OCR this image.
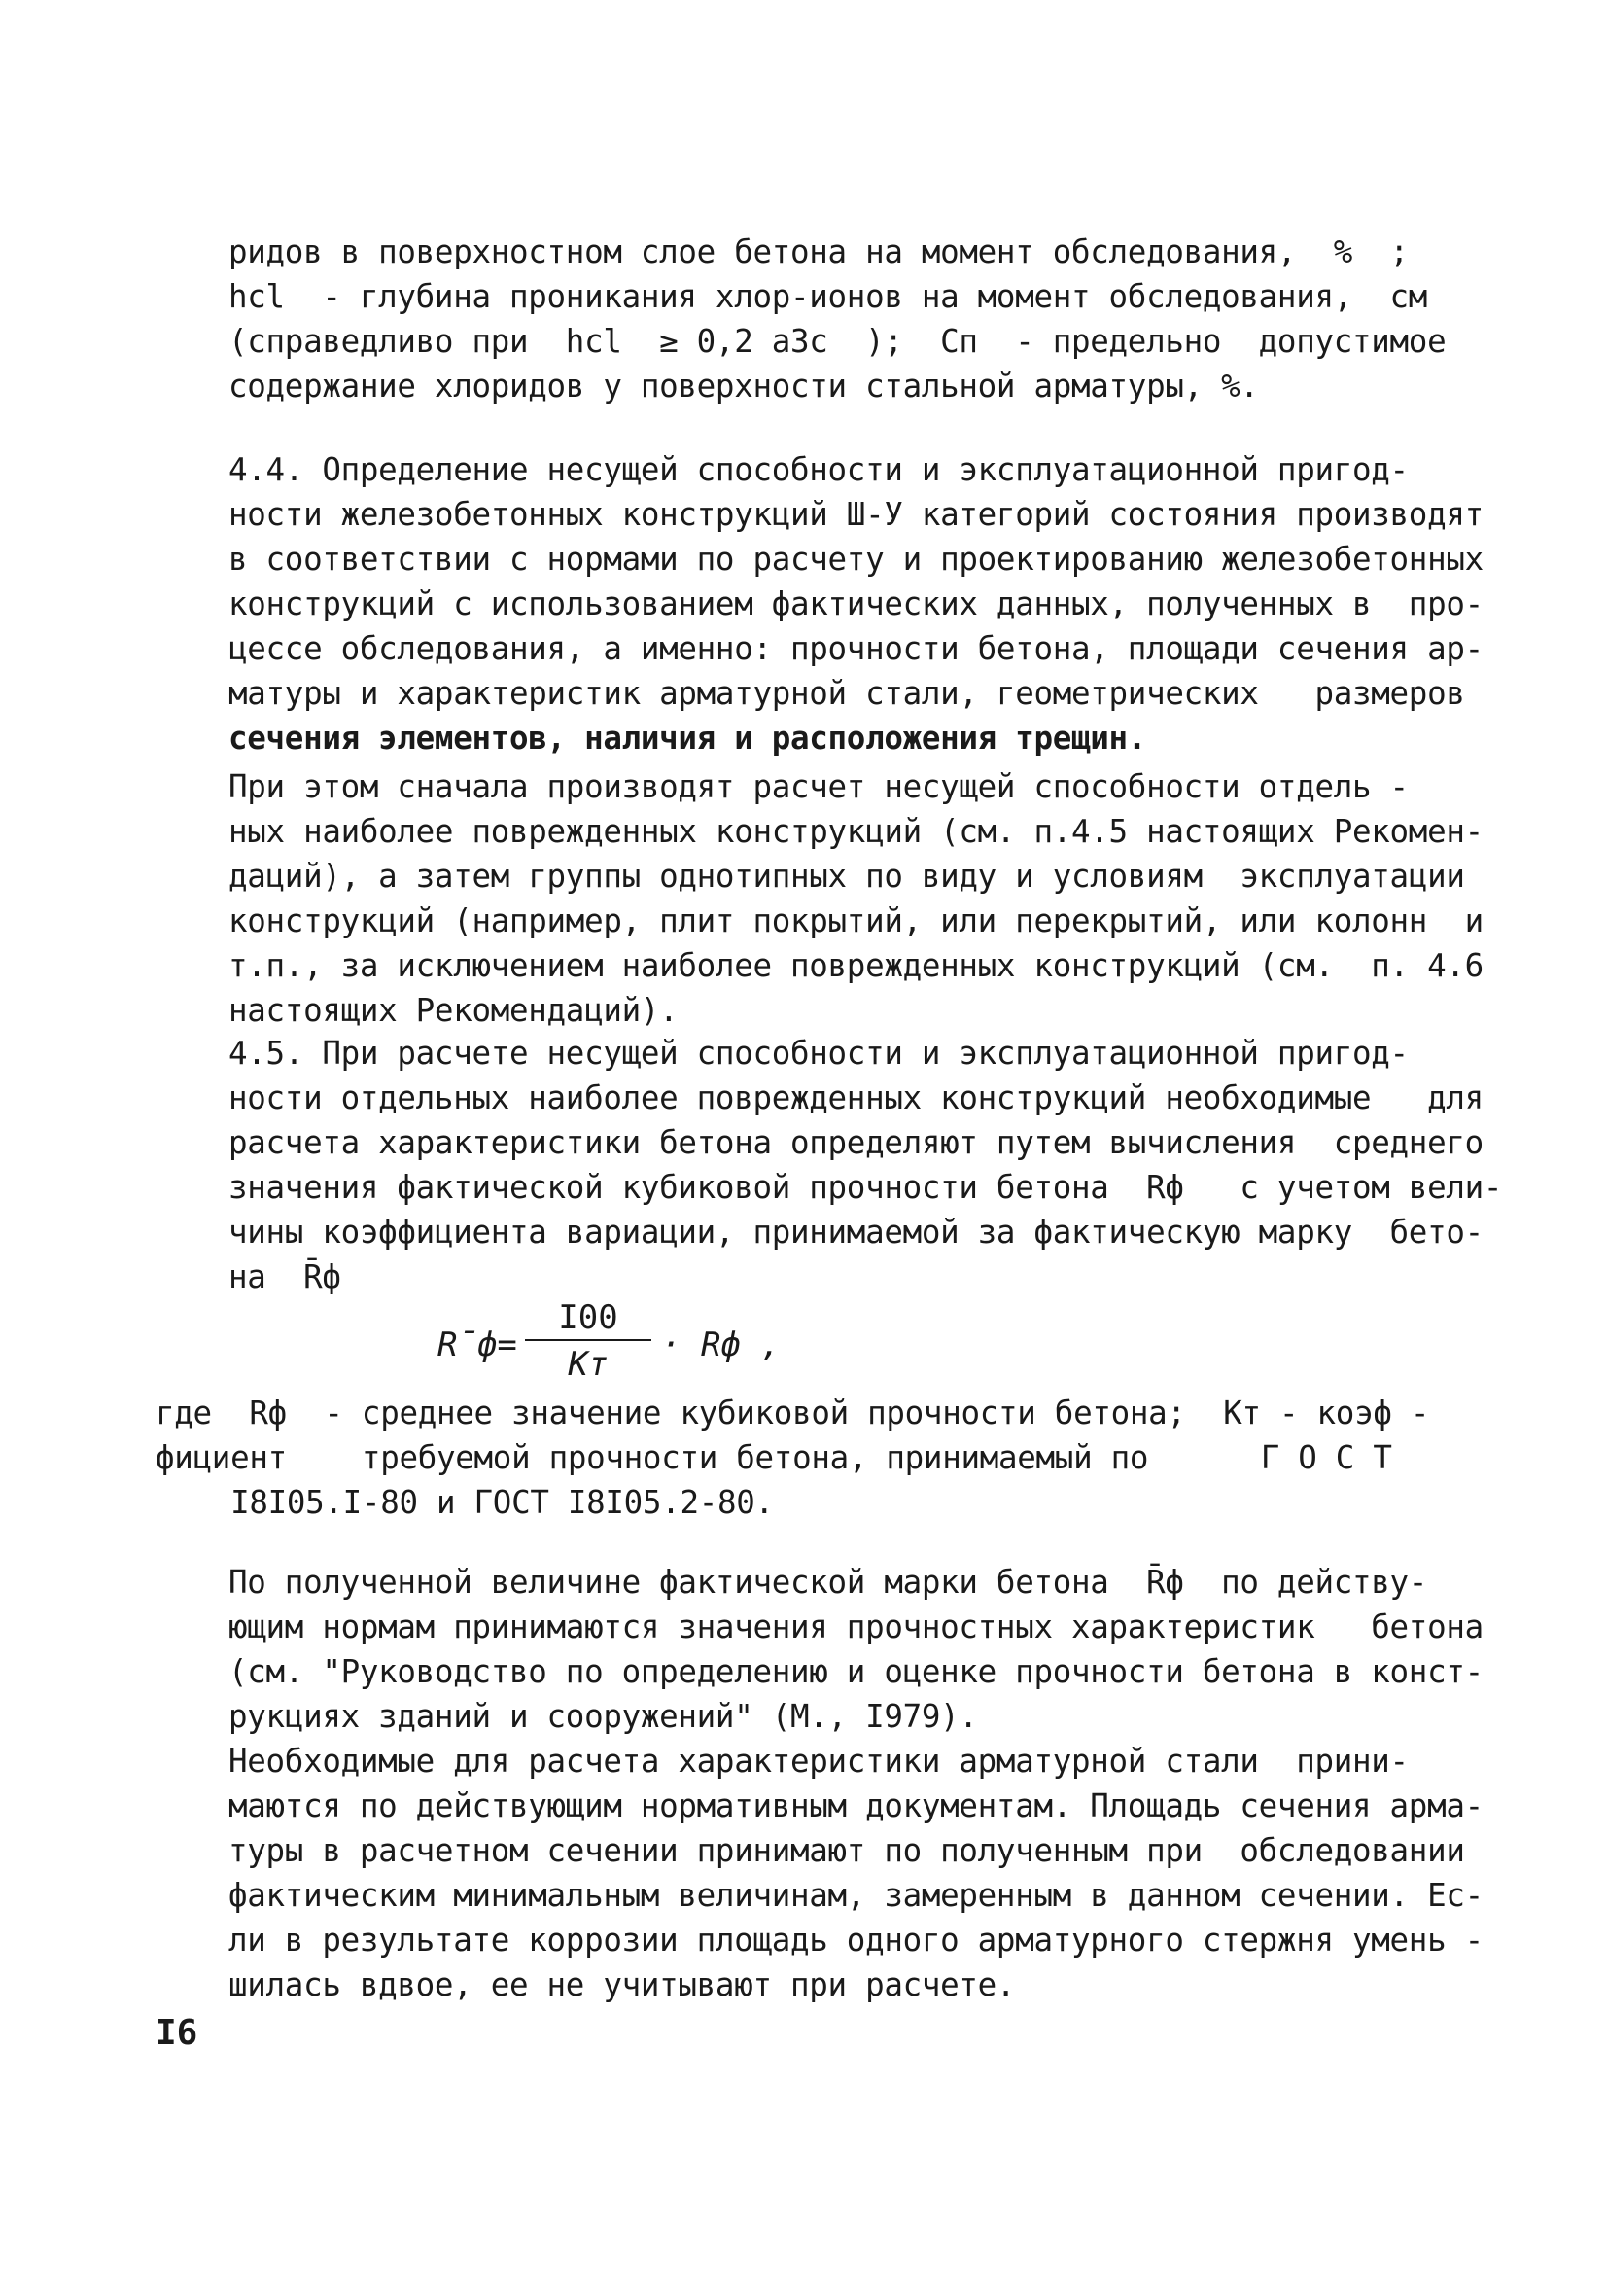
ридов в поверхностном слое бетона на момент обследования,  %  ;
hcl  - глубина проникания хлор-ионов на момент обследования,  см
(справедливо при  hcl  ≥ 0,2 a3c  );  Cп  - предельно  допустимое
содержание хлоридов у поверхности стальной арматуры, %.
4.4. Определение несущей способности и эксплуатационной пригод-
ности железобетонных конструкций Ш-У категорий состояния производят
в соответствии с нормами по расчету и проектированию железобетонных
конструкций с использованием фактических данных, полученных в  про-
цессе обследования, а именно: прочности бетона, площади сечения ар-
матуры и характеристик арматурной стали, геометрических   размеров
сечения элементов, наличия и расположения трещин.
При этом сначала производят расчет несущей способности отдель -
ных наиболее поврежденных конструкций (см. п.4.5 настоящих Рекомен-
даций), а затем группы однотипных по виду и условиям  эксплуатации
конструкций (например, плит покрытий, или перекрытий, или колонн  и
т.п., за исключением наиболее поврежденных конструкций (см.  п. 4.6
настоящих Рекомендаций).
4.5. При расчете несущей способности и эксплуатационной пригод-
ности отдельных наиболее поврежденных конструкций необходимые   для
расчета характеристики бетона определяют путем вычисления  среднего
значения фактической кубиковой прочности бетона  Rф   с учетом вели-
чины коэффициента вариации, принимаемой за фактическую марку  бето-
на  R̄ф
R̄ф=
I00
Кт	· Rф ,
где  Rф  - среднее значение кубиковой прочности бетона;  Кт - коэф -
фициент    требуемой прочности бетона, принимаемый по      Г О С Т
I8I05.I-80 и ГОСТ I8I05.2-80.
По полученной величине фактической марки бетона  R̄ф  по действу-
ющим нормам принимаются значения прочностных характеристик   бетона
(см. "Руководство по определению и оценке прочности бетона в конст-
рукциях зданий и сооружений" (М., I979).
Необходимые для расчета характеристики арматурной стали  прини-
маются по действующим нормативным документам. Площадь сечения арма-
туры в расчетном сечении принимают по полученным при  обследовании
фактическим минимальным величинам, замеренным в данном сечении. Ес-
ли в результате коррозии площадь одного арматурного стержня умень -
шилась вдвое, ее не учитывают при расчете.
I6
